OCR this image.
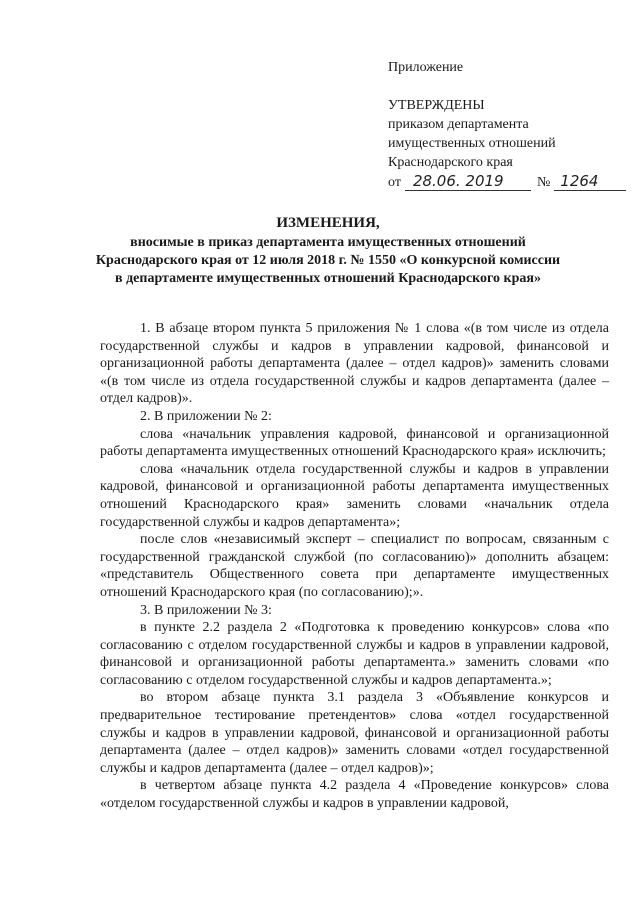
Приложение
УТВЕРЖДЕНЫ
приказом департамента
имущественных отношений
Краснодарского края
от 28.06. 2019 № 1264
ИЗМЕНЕНИЯ,
вносимые в приказ департамента имущественных отношений
Краснодарского края от 12 июля 2018 г. № 1550 «О конкурсной комиссии
в департаменте имущественных отношений Краснодарского края»

1. В абзаце втором пункта 5 приложения № 1 слова «(в том числе из отдела государственной службы и кадров в управлении кадровой, финансовой и организационной работы департамента (далее – отдел кадров)» заменить словами «(в том числе из отдела государственной службы и кадров департамента (далее – отдел кадров)».

2. В приложении № 2:

слова «начальник управления кадровой, финансовой и организационной работы департамента имущественных отношений Краснодарского края» исключить;

слова «начальник отдела государственной службы и кадров в управлении кадровой, финансовой и организационной работы департамента имущественных отношений Краснодарского края» заменить словами «начальник отдела государственной службы и кадров департамента»;

после слов «независимый эксперт – специалист по вопросам, связанным с государственной гражданской службой (по согласованию)» дополнить абзацем: «представитель Общественного совета при департаменте имущественных отношений Краснодарского края (по согласованию);».

3. В приложении № 3:

в пункте 2.2 раздела 2 «Подготовка к проведению конкурсов» слова «по согласованию с отделом государственной службы и кадров в управлении кадровой, финансовой и организационной работы департамента.» заменить словами «по согласованию с отделом государственной службы и кадров департамента.»;

во втором абзаце пункта 3.1 раздела 3 «Объявление конкурсов и предварительное тестирование претендентов» слова «отдел государственной службы и кадров в управлении кадровой, финансовой и организационной работы департамента (далее – отдел кадров)» заменить словами «отдел государственной службы и кадров департамента (далее – отдел кадров)»;

в четвертом абзаце пункта 4.2 раздела 4 «Проведение конкурсов» слова «отделом государственной службы и кадров в управлении кадровой,
